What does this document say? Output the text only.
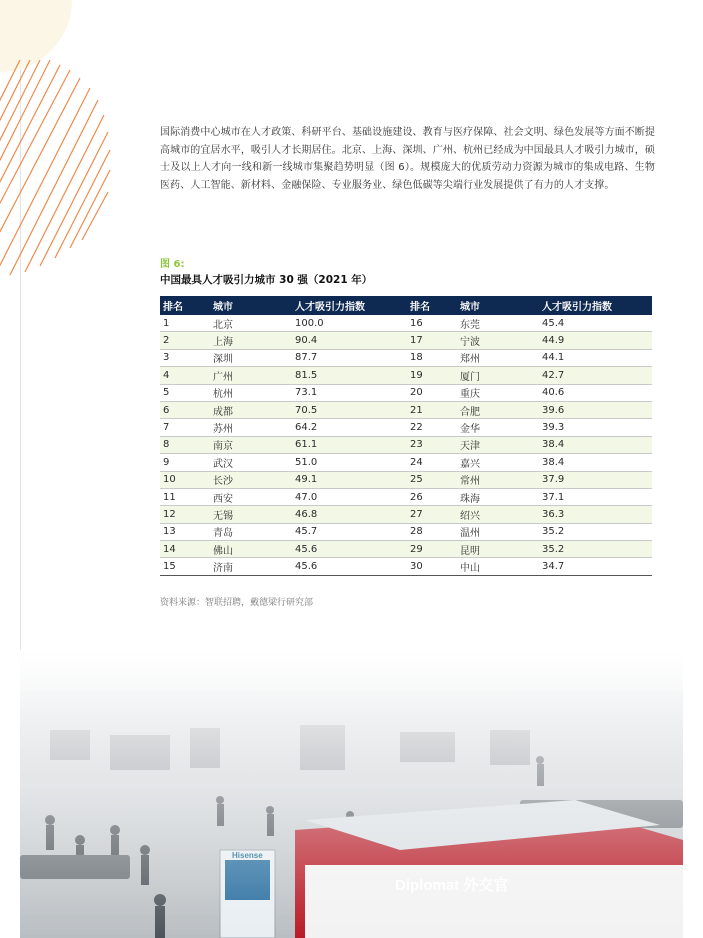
国际消费中心城市在人才政策、科研平台、基础设施建设、教育与医疗保障、社会文明、绿色发展等方面不断提高城市的宜居水平，吸引人才长期居住。北京、上海、深圳、广州、杭州已经成为中国最具人才吸引力城市，硕士及以上人才向一线和新一线城市集聚趋势明显（图 6）。规模庞大的优质劳动力资源为城市的集成电路、生物医药、人工智能、新材料、金融保险、专业服务业、绿色低碳等尖端行业发展提供了有力的人才支撑。
图 6:
中国最具人才吸引力城市 30 强（2021 年）
排名	城市	人才吸引力指数	排名	城市	人才吸引力指数
1	北京	100.0	16	东莞	45.4
2	上海	90.4	17	宁波	44.9
3	深圳	87.7	18	郑州	44.1
4	广州	81.5	19	厦门	42.7
5	杭州	73.1	20	重庆	40.6
6	成都	70.5	21	合肥	39.6
7	苏州	64.2	22	金华	39.3
8	南京	61.1	23	天津	38.4
9	武汉	51.0	24	嘉兴	38.4
10	长沙	49.1	25	常州	37.9
11	西安	47.0	26	珠海	37.1
12	无锡	46.8	27	绍兴	36.3
13	青岛	45.7	28	温州	35.2
14	佛山	45.6	29	昆明	35.2
15	济南	45.6	30	中山	34.7
资料来源：智联招聘，戴德梁行研究部
